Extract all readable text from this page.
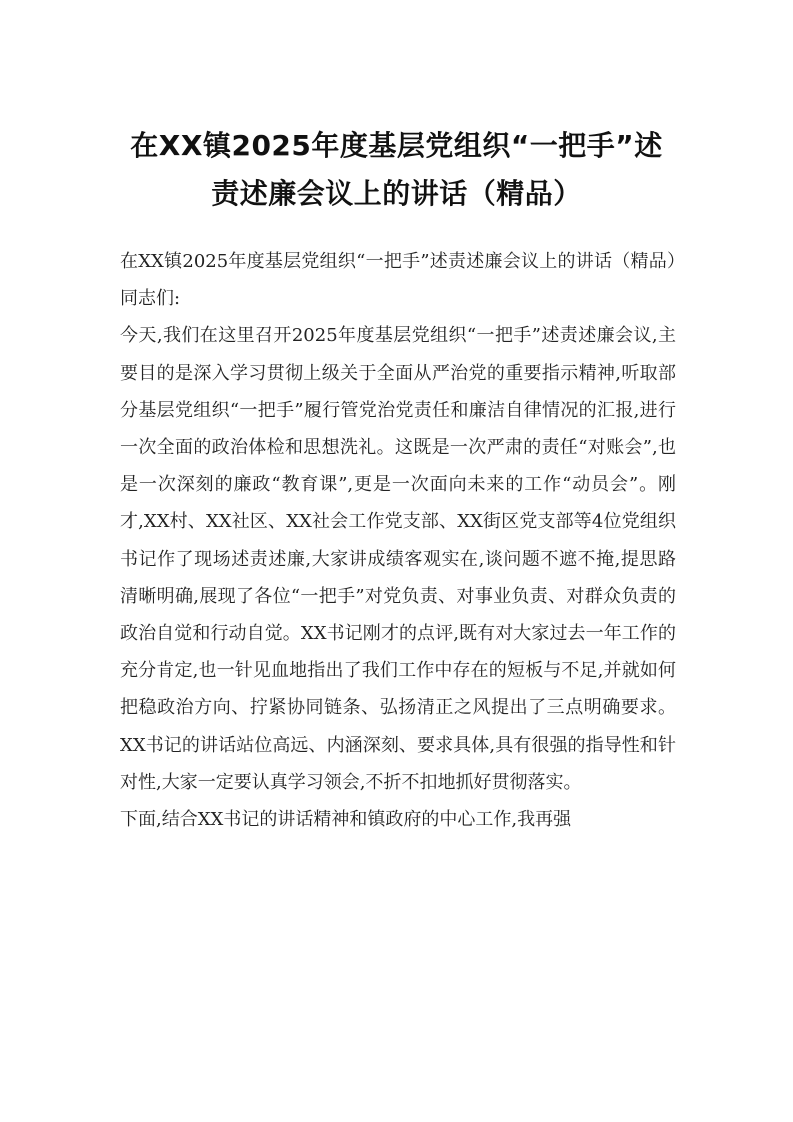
在XX镇2025年度基层党组织“一把手”述
责述廉会议上的讲话（精品）

在XX镇2025年度基层党组织“一把手”述责述廉会议上的讲话（精品）同志们:

今天,我们在这里召开2025年度基层党组织“一把手”述责述廉会议,主要目的是深入学习贯彻上级关于全面从严治党的重要指示精神,听取部分基层党组织“一把手”履行管党治党责任和廉洁自律情况的汇报,进行一次全面的政治体检和思想洗礼。这既是一次严肃的责任“对账会”,也是一次深刻的廉政“教育课”,更是一次面向未来的工作“动员会”。刚才,XX村、XX社区、XX社会工作党支部、XX街区党支部等4位党组织书记作了现场述责述廉,大家讲成绩客观实在,谈问题不遮不掩,提思路清晰明确,展现了各位“一把手”对党负责、对事业负责、对群众负责的政治自觉和行动自觉。XX书记刚才的点评,既有对大家过去一年工作的充分肯定,也一针见血地指出了我们工作中存在的短板与不足,并就如何把稳政治方向、拧紧协同链条、弘扬清正之风提出了三点明确要求。XX书记的讲话站位高远、内涵深刻、要求具体,具有很强的指导性和针对性,大家一定要认真学习领会,不折不扣地抓好贯彻落实。

下面,结合XX书记的讲话精神和镇政府的中心工作,我再强
